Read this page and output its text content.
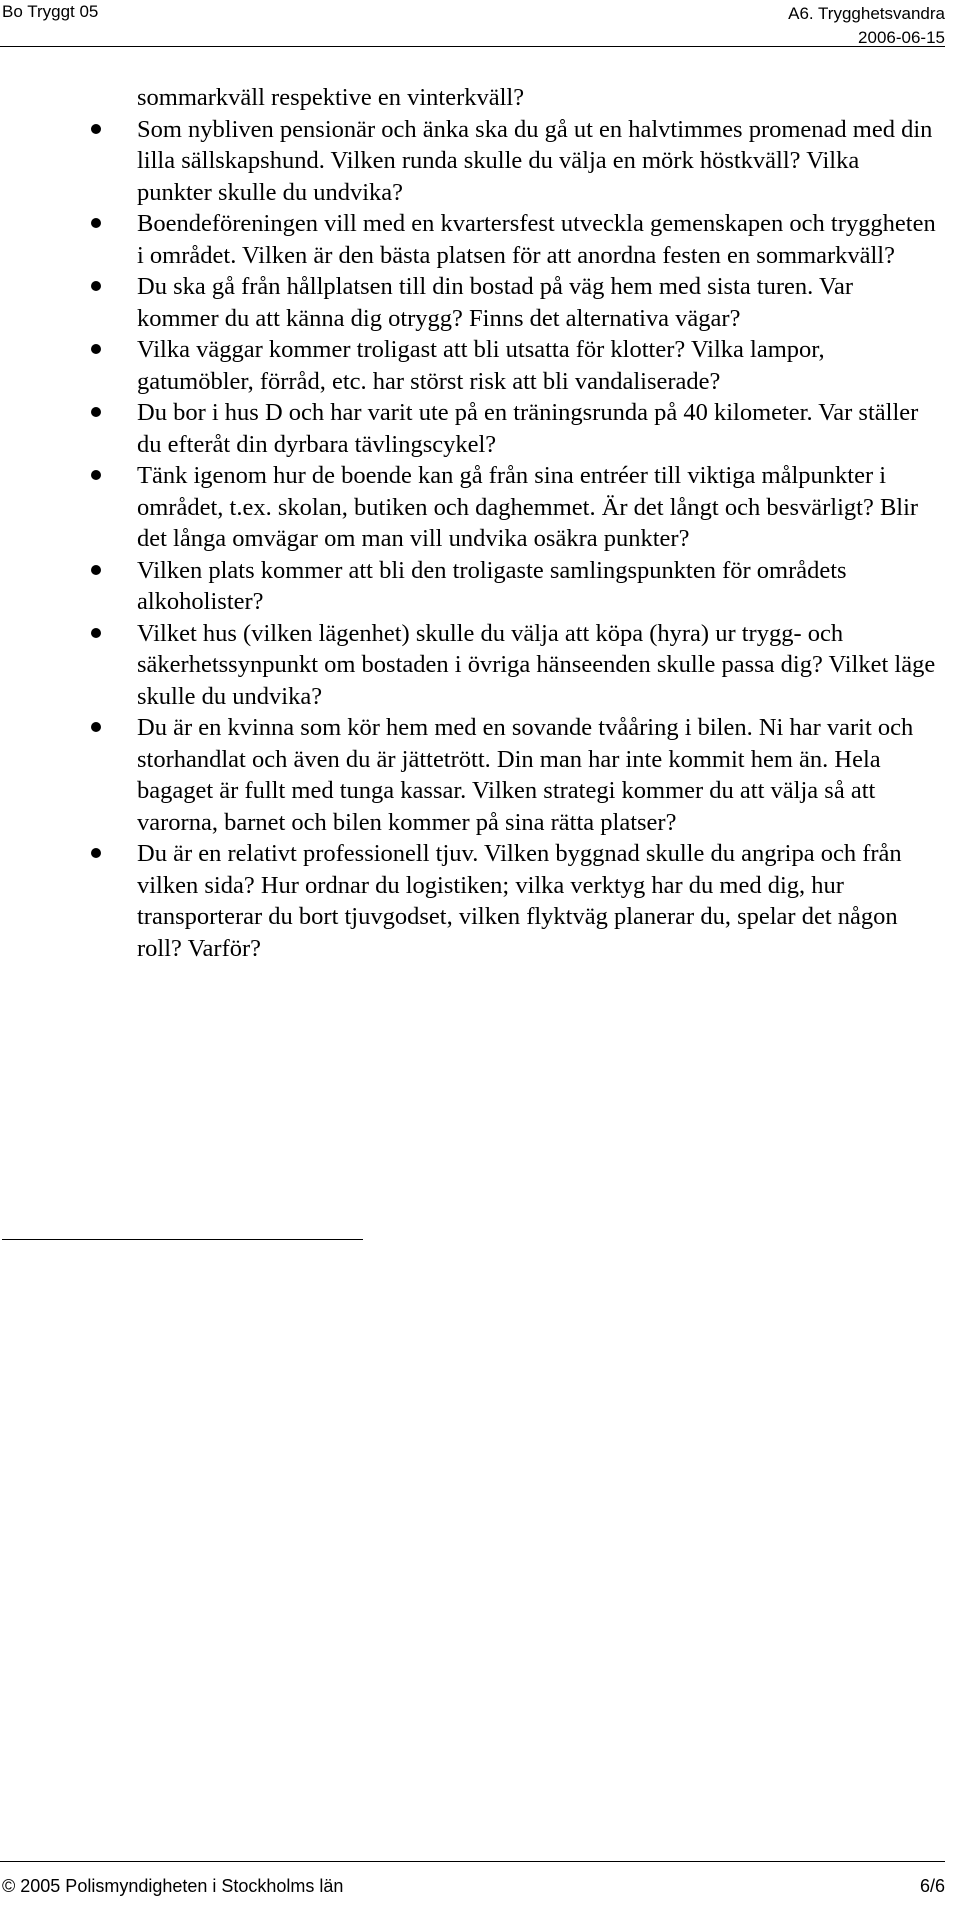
Bo Tryggt 05	A6. Trygghetsvandra
2006-06-15

sommarkväll respektive en vinterkväll?

Som nybliven pensionär och änka ska du gå ut en halvtimmes promenad med din lilla sällskapshund. Vilken runda skulle du välja en mörk höstkväll? Vilka punkter skulle du undvika?
Boendeföreningen vill med en kvartersfest utveckla gemenskapen och tryggheten i området. Vilken är den bästa platsen för att anordna festen en sommarkväll?
Du ska gå från hållplatsen till din bostad på väg hem med sista turen. Var kommer du att känna dig otrygg? Finns det alternativa vägar?
Vilka väggar kommer troligast att bli utsatta för klotter? Vilka lampor, gatumöbler, förråd, etc. har störst risk att bli vandaliserade?
Du bor i hus D och har varit ute på en träningsrunda på 40 kilometer. Var ställer du efteråt din dyrbara tävlingscykel?
Tänk igenom hur de boende kan gå från sina entréer till viktiga målpunkter i området, t.ex. skolan, butiken och daghemmet. Är det långt och besvärligt? Blir det långa omvägar om man vill undvika osäkra punkter?
Vilken plats kommer att bli den troligaste samlingspunkten för områdets alkoholister?
Vilket hus (vilken lägenhet) skulle du välja att köpa (hyra) ur trygg- och säkerhetssynpunkt om bostaden i övriga hänseenden skulle passa dig? Vilket läge skulle du undvika?
Du är en kvinna som kör hem med en sovande tvååring i bilen. Ni har varit och storhandlat och även du är jättetrött. Din man har inte kommit hem än. Hela bagaget är fullt med tunga kassar. Vilken strategi kommer du att välja så att varorna, barnet och bilen kommer på sina rätta platser?
Du är en relativt professionell tjuv. Vilken byggnad skulle du angripa och från vilken sida? Hur ordnar du logistiken; vilka verktyg har du med dig, hur transporterar du bort tjuvgodset, vilken flyktväg planerar du, spelar det någon roll? Varför?
© 2005 Polismyndigheten i Stockholms län	6/6
